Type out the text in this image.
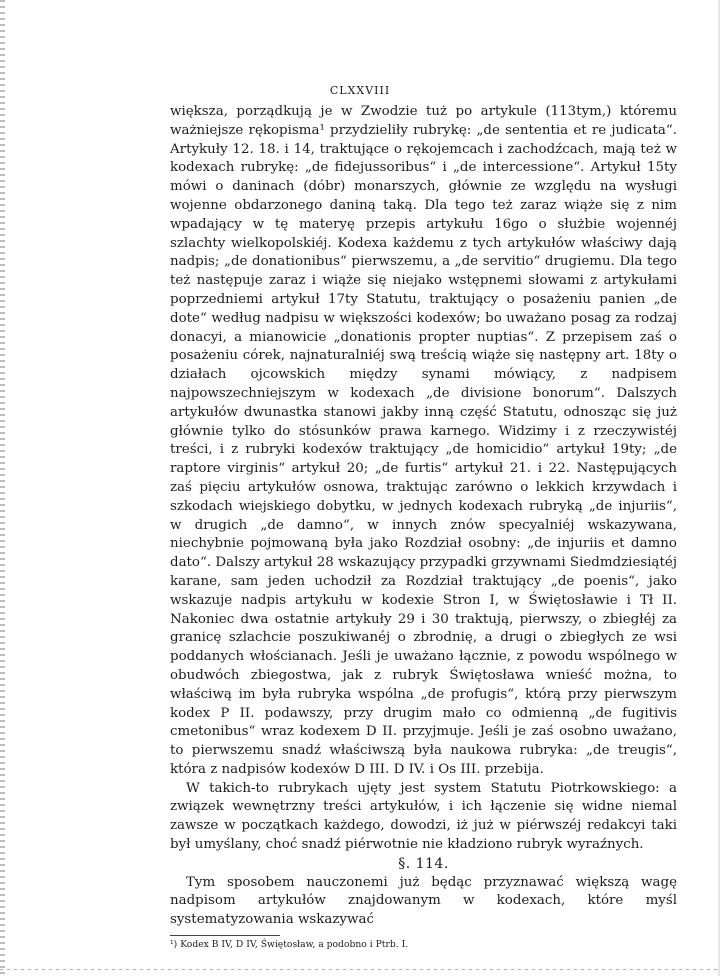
CLXXVIII

większa, porządkują je w Zwodzie tuż po artykule (113tym,) któremu ważniejsze rękopisma¹ przydzieliły rubrykę: „de sententia et re judicata“. Artykuły 12. 18. i 14, traktujące o rękojemcach i zachodźcach, mają też w kodexach rubrykę: „de fidejussoribus“ i „de intercessione“. Artykuł 15ty mówi o daninach (dóbr) monarszych, głównie ze względu na wysługi wojenne obdarzonego daniną taką. Dla tego też zaraz wiąże się z nim wpadający w tę materyę przepis artykułu 16go o służbie wojennéj szlachty wielkopolskiéj. Kodexa każdemu z tych artykułów właściwy dają nadpis; „de donationibus“ pierwszemu, a „de servitio“ drugiemu. Dla tego też następuje zaraz i wiąże się niejako wstępnemi słowami z artykułami poprzedniemi artykuł 17ty Statutu, traktujący o posażeniu panien „de dote“ według nadpisu w większości kodexów; bo uważano posag za rodzaj donacyi, a mianowicie „donationis propter nuptias“. Z przepisem zaś o posażeniu córek, najnaturalniéj swą treścią wiąże się następny art. 18ty o działach ojcowskich między synami mówiący, z nadpisem najpowszechniejszym w kodexach „de divisione bonorum“. Dalszych artykułów dwunastka stanowi jakby inną część Statutu, odnosząc się już głównie tylko do stósunków prawa karnego. Widzimy i z rzeczywistéj treści, i z rubryki kodexów traktujący „de homicidio“ artykuł 19ty; „de raptore virginis“ artykuł 20; „de furtis“ artykuł 21. i 22. Następujących zaś pięciu artykułów osnowa, traktując zarówno o lekkich krzywdach i szkodach wiejskiego dobytku, w jednych kodexach rubryką „de injuriis“, w drugich „de damno“, w innych znów specyalniéj wskazywana, niechybnie pojmowaną była jako Rozdział osobny: „de injuriis et damno dato“. Dalszy artykuł 28 wskazujący przypadki grzywnami Siedmdziesiątéj karane, sam jeden uchodził za Rozdział traktujący „de poenis“, jako wskazuje nadpis artykułu w kodexie Stron I, w Świętosławie i Tł II. Nakoniec dwa ostatnie artykuły 29 i 30 traktują, pierwszy, o zbiegłéj za granicę szlachcie poszukiwanéj o zbrodnię, a drugi o zbiegłych ze wsi poddanych włościanach. Jeśli je uważano łącznie, z powodu wspólnego w obudwóch zbiegostwa, jak z rubryk Świętosława wnieść można, to właściwą im była rubryka wspólna „de profugis“, którą przy pierwszym kodex P II. podawszy, przy drugim mało co odmienną „de fugitivis cmetonibus“ wraz kodexem D II. przyjmuje. Jeśli je zaś osobno uważano, to pierwszemu snadź właściwszą była naukowa rubryka: „de treugis“, która z nadpisów kodexów D III. D IV. i Os III. przebija.

W takich-to rubrykach ujęty jest system Statutu Piotrkowskiego: a związek wewnętrzny treści artykułów, i ich łączenie się widne niemal zawsze w początkach każdego, dowodzi, iż już w piérwszéj redakcyi taki był umyślany, choć snadź piérwotnie nie kładziono rubryk wyraźnych.

§. 114.

Tym sposobem nauczonemi już będąc przyznawać większą wagę nadpisom artykułów znajdowanym w kodexach, które myśl systematyzowania wskazywać

¹) Kodex B IV, D IV, Świętosław, a podobno i Ptrb. I.
